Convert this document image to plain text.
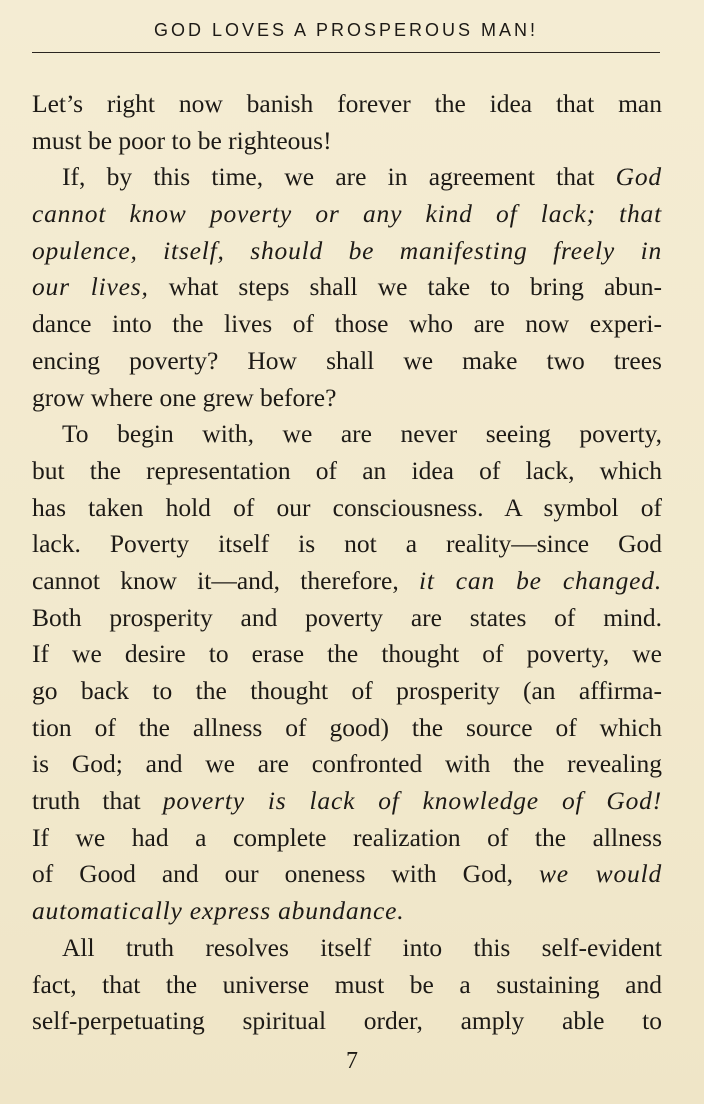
GOD LOVES A PROSPEROUS MAN!
Let’s right now banish forever the idea that man
must be poor to be righteous!
If, by this time, we are in agreement that God
cannot know poverty or any kind of lack; that
opulence, itself, should be manifesting freely in
our lives, what steps shall we take to bring abun-
dance into the lives of those who are now experi-
encing poverty? How shall we make two trees
grow where one grew before?
To begin with, we are never seeing poverty,
but the representation of an idea of lack, which
has taken hold of our consciousness. A symbol of
lack. Poverty itself is not a reality—since God
cannot know it—and, therefore, it can be changed.
Both prosperity and poverty are states of mind.
If we desire to erase the thought of poverty, we
go back to the thought of prosperity (an affirma-
tion of the allness of good) the source of which
is God; and we are confronted with the revealing
truth that poverty is lack of knowledge of God!
If we had a complete realization of the allness
of Good and our oneness with God, we would
automatically express abundance.
All truth resolves itself into this self-evident
fact, that the universe must be a sustaining and
self-perpetuating spiritual order, amply able to
7
